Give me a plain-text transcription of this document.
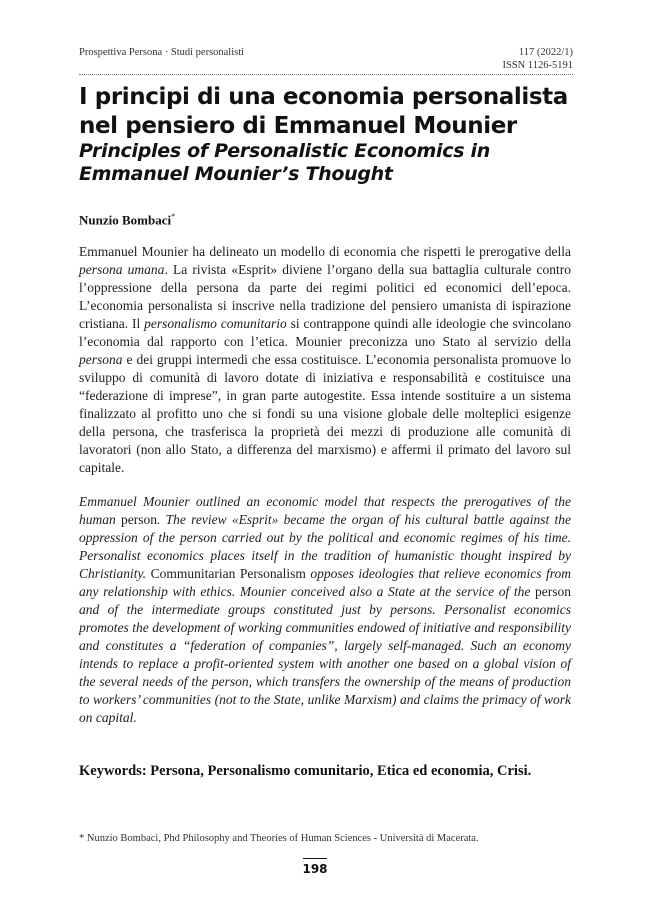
Prospettiva Persona · Studi personalisti	117 (2022/1)
ISSN 1126-5191
I principi di una economia personalista nel pensiero di Emmanuel Mounier
Principles of Personalistic Economics in Emmanuel Mounier’s Thought
Nunzio Bombaci*

Emmanuel Mounier ha delineato un modello di economia che rispetti le prerogative della persona umana. La rivista «Esprit» diviene l’organo della sua battaglia culturale contro l’oppressione della persona da parte dei regimi politici ed economici dell’epoca. L’economia personalista si inscrive nella tradizione del pensiero umanista di ispirazione cristiana. Il personalismo comunitario si contrappone quindi alle ideologie che svincolano l’economia dal rapporto con l’etica. Mounier preconizza uno Stato al servizio della persona e dei gruppi intermedi che essa costituisce. L’economia personalista promuove lo sviluppo di comunità di lavoro dotate di iniziativa e responsabilità e costituisce una “federazione di imprese”, in gran parte autogestite. Essa intende sostituire a un sistema finalizzato al profitto uno che si fondi su una visione globale delle molteplici esigenze della persona, che trasferisca la proprietà dei mezzi di produzione alle comunità di lavoratori (non allo Stato, a differenza del marxismo) e affermi il primato del lavoro sul capitale.

Emmanuel Mounier outlined an economic model that respects the prerogatives of the human person. The review «Esprit» became the organ of his cultural battle against the oppression of the person carried out by the political and economic regimes of his time. Personalist economics places itself in the tradition of humanistic thought inspired by Christianity. Communitarian Personalism opposes ideologies that relieve economics from any relationship with ethics. Mounier conceived also a State at the service of the person and of the intermediate groups constituted just by persons. Personalist economics promotes the development of working communities endowed of initiative and responsibility and constitutes a “federation of companies”, largely self-managed. Such an economy intends to replace a profit-oriented system with another one based on a global vision of the several needs of the person, which transfers the ownership of the means of production to workers’ communities (not to the State, unlike Marxism) and claims the primacy of work on capital.

Keywords: Persona, Personalismo comunitario, Etica ed economia, Crisi.
* Nunzio Bombaci, Phd Philosophy and Theories of Human Sciences - Università di Macerata.
198
